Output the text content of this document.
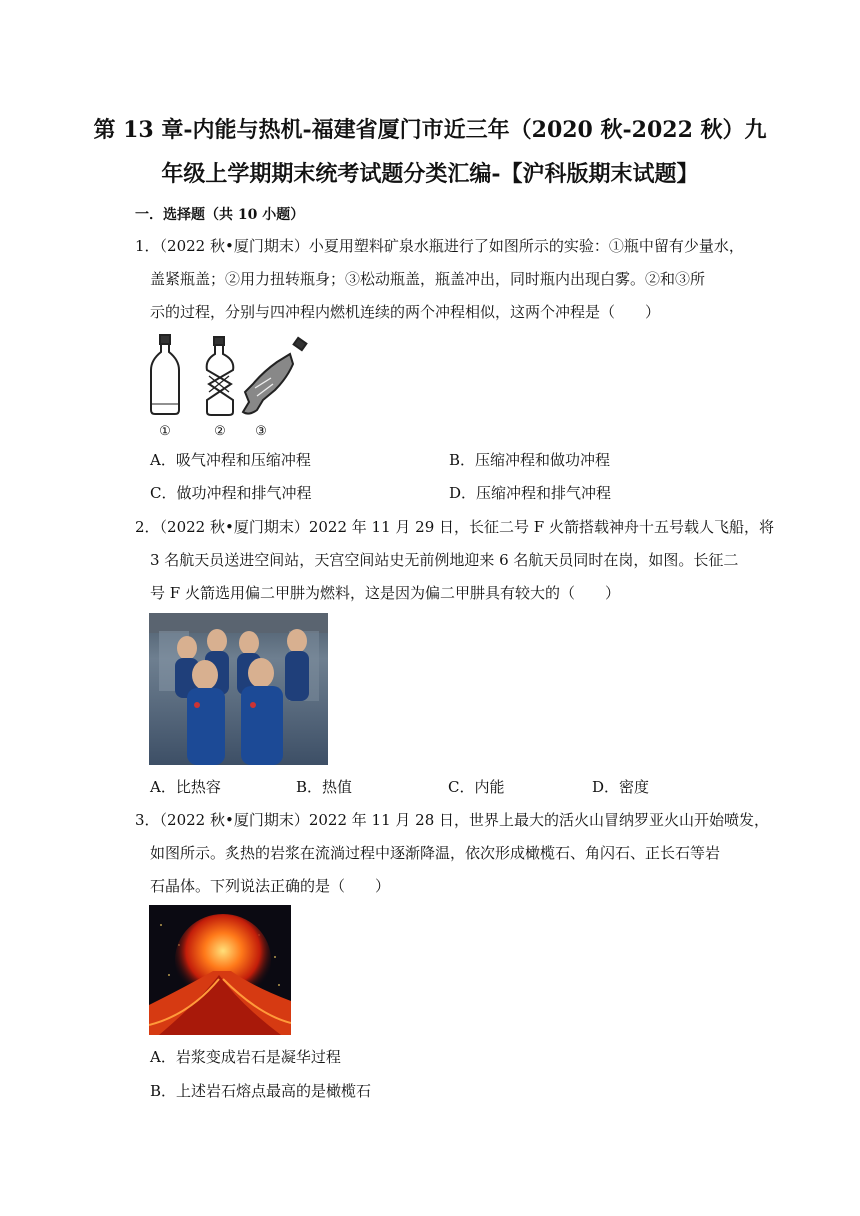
第 13 章-内能与热机-福建省厦门市近三年（2020 秋-2022 秋）九
年级上学期期末统考试题分类汇编-【沪科版期末试题】
一．选择题（共 10 小题）
1．（2022 秋•厦门期末）小夏用塑料矿泉水瓶进行了如图所示的实验：①瓶中留有少量水，
盖紧瓶盖；②用力扭转瓶身；③松动瓶盖，瓶盖冲出，同时瓶内出现白雾。②和③所
示的过程，分别与四冲程内燃机连续的两个冲程相似，这两个冲程是（　　）
①	② ③
A．吸气冲程和压缩冲程	B．压缩冲程和做功冲程
C．做功冲程和排气冲程	D．压缩冲程和排气冲程
2．（2022 秋•厦门期末）2022 年 11 月 29 日，长征二号 F 火箭搭载神舟十五号载人飞船，将
3 名航天员送进空间站，天宫空间站史无前例地迎来 6 名航天员同时在岗，如图。长征二
号 F 火箭选用偏二甲肼为燃料，这是因为偏二甲肼具有较大的（　　）
A．比热容	B．热值	C．内能	D．密度
3．（2022 秋•厦门期末）2022 年 11 月 28 日，世界上最大的活火山冒纳罗亚火山开始喷发，
如图所示。炙热的岩浆在流淌过程中逐渐降温，依次形成橄榄石、角闪石、正长石等岩
石晶体。下列说法正确的是（　　）
A．岩浆变成岩石是凝华过程
B．上述岩石熔点最高的是橄榄石
